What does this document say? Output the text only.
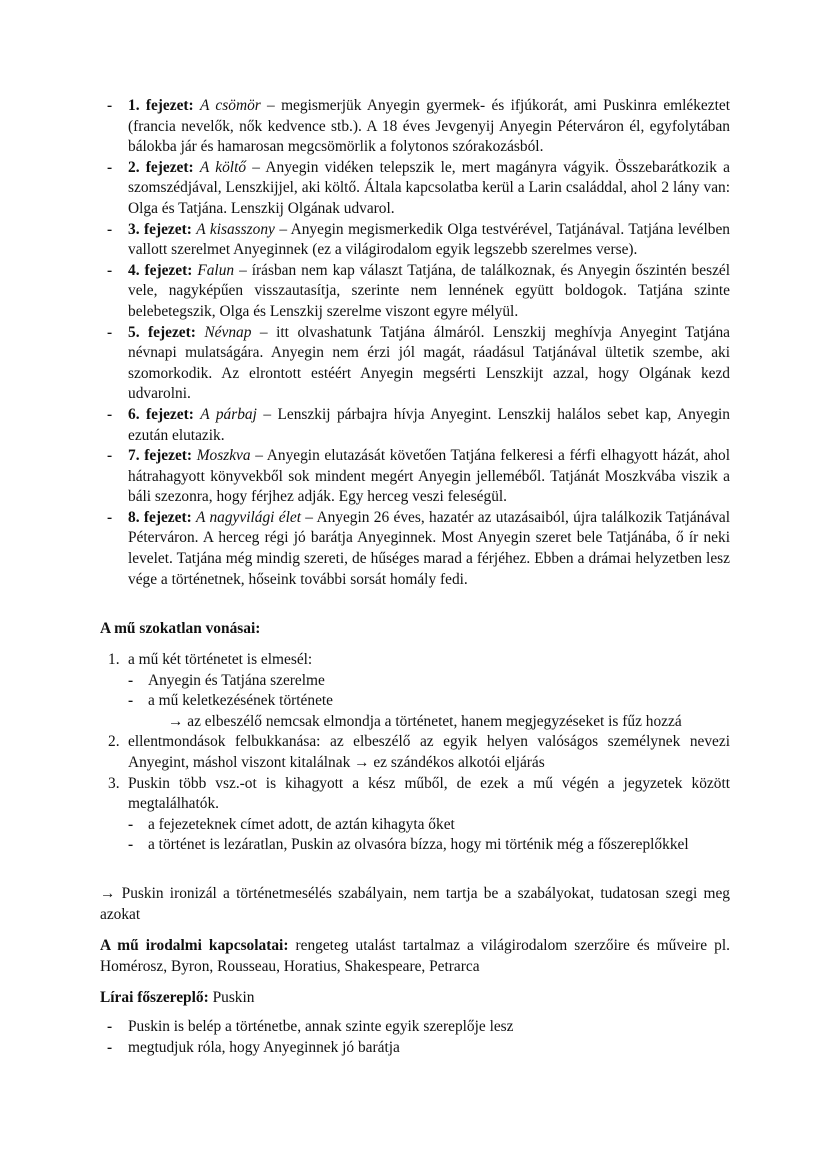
- 1. fejezet: A csömör – megismerjük Anyegin gyermek- és ifjúkorát, ami Puskinra emlékeztet (francia nevelők, nők kedvence stb.). A 18 éves Jevgenyij Anyegin Péterváron él, egyfolytában bálokba jár és hamarosan megcsömörlik a folytonos szórakozásból.
- 2. fejezet: A költő – Anyegin vidéken telepszik le, mert magányra vágyik. Összebarátkozik a szomszédjával, Lenszkijjel, aki költő. Általa kapcsolatba kerül a Larin családdal, ahol 2 lány van: Olga és Tatjána. Lenszkij Olgának udvarol.
- 3. fejezet: A kisasszony – Anyegin megismerkedik Olga testvérével, Tatjánával. Tatjána levélben vallott szerelmet Anyeginnek (ez a világirodalom egyik legszebb szerelmes verse).
- 4. fejezet: Falun – írásban nem kap választ Tatjána, de találkoznak, és Anyegin őszintén beszél vele, nagyképűen visszautasítja, szerinte nem lennének együtt boldogok. Tatjána szinte belebetegszik, Olga és Lenszkij szerelme viszont egyre mélyül.
- 5. fejezet: Névnap – itt olvashatunk Tatjána álmáról. Lenszkij meghívja Anyegint Tatjána névnapi mulatságára. Anyegin nem érzi jól magát, ráadásul Tatjánával ültetik szembe, aki szomorkodik. Az elrontott estéért Anyegin megsérti Lenszkijt azzal, hogy Olgának kezd udvarolni.
- 6. fejezet: A párbaj – Lenszkij párbajra hívja Anyegint. Lenszkij halálos sebet kap, Anyegin ezután elutazik.
- 7. fejezet: Moszkva – Anyegin elutazását követően Tatjána felkeresi a férfi elhagyott házát, ahol hátrahagyott könyvekből sok mindent megért Anyegin jelleméből. Tatjánát Moszkvába viszik a báli szezonra, hogy férjhez adják. Egy herceg veszi feleségül.
- 8. fejezet: A nagyvilági élet – Anyegin 26 éves, hazatér az utazásaiból, újra találkozik Tatjánával Péterváron. A herceg régi jó barátja Anyeginnek. Most Anyegin szeret bele Tatjánába, ő ír neki levelet. Tatjána még mindig szereti, de hűséges marad a férjéhez. Ebben a drámai helyzetben lesz vége a történetnek, hőseink további sorsát homály fedi.

A mű szokatlan vonásai:

1. a mű két történetet is elmesél:
- Anyegin és Tatjána szerelme
- a mű keletkezésének története
→ az elbeszélő nemcsak elmondja a történetet, hanem megjegyzéseket is fűz hozzá
2. ellentmondások felbukkanása: az elbeszélő az egyik helyen valóságos személynek nevezi Anyegint, máshol viszont kitalálnak → ez szándékos alkotói eljárás
3. Puskin több vsz.-ot is kihagyott a kész műből, de ezek a mű végén a jegyzetek között megtalálhatók.
- a fejezeteknek címet adott, de aztán kihagyta őket
- a történet is lezáratlan, Puskin az olvasóra bízza, hogy mi történik még a főszereplőkkel

→ Puskin ironizál a történetmesélés szabályain, nem tartja be a szabályokat, tudatosan szegi meg azokat

A mű irodalmi kapcsolatai: rengeteg utalást tartalmaz a világirodalom szerzőire és műveire pl. Homérosz, Byron, Rousseau, Horatius, Shakespeare, Petrarca

Lírai főszereplő: Puskin

- Puskin is belép a történetbe, annak szinte egyik szereplője lesz
- megtudjuk róla, hogy Anyeginnek jó barátja
